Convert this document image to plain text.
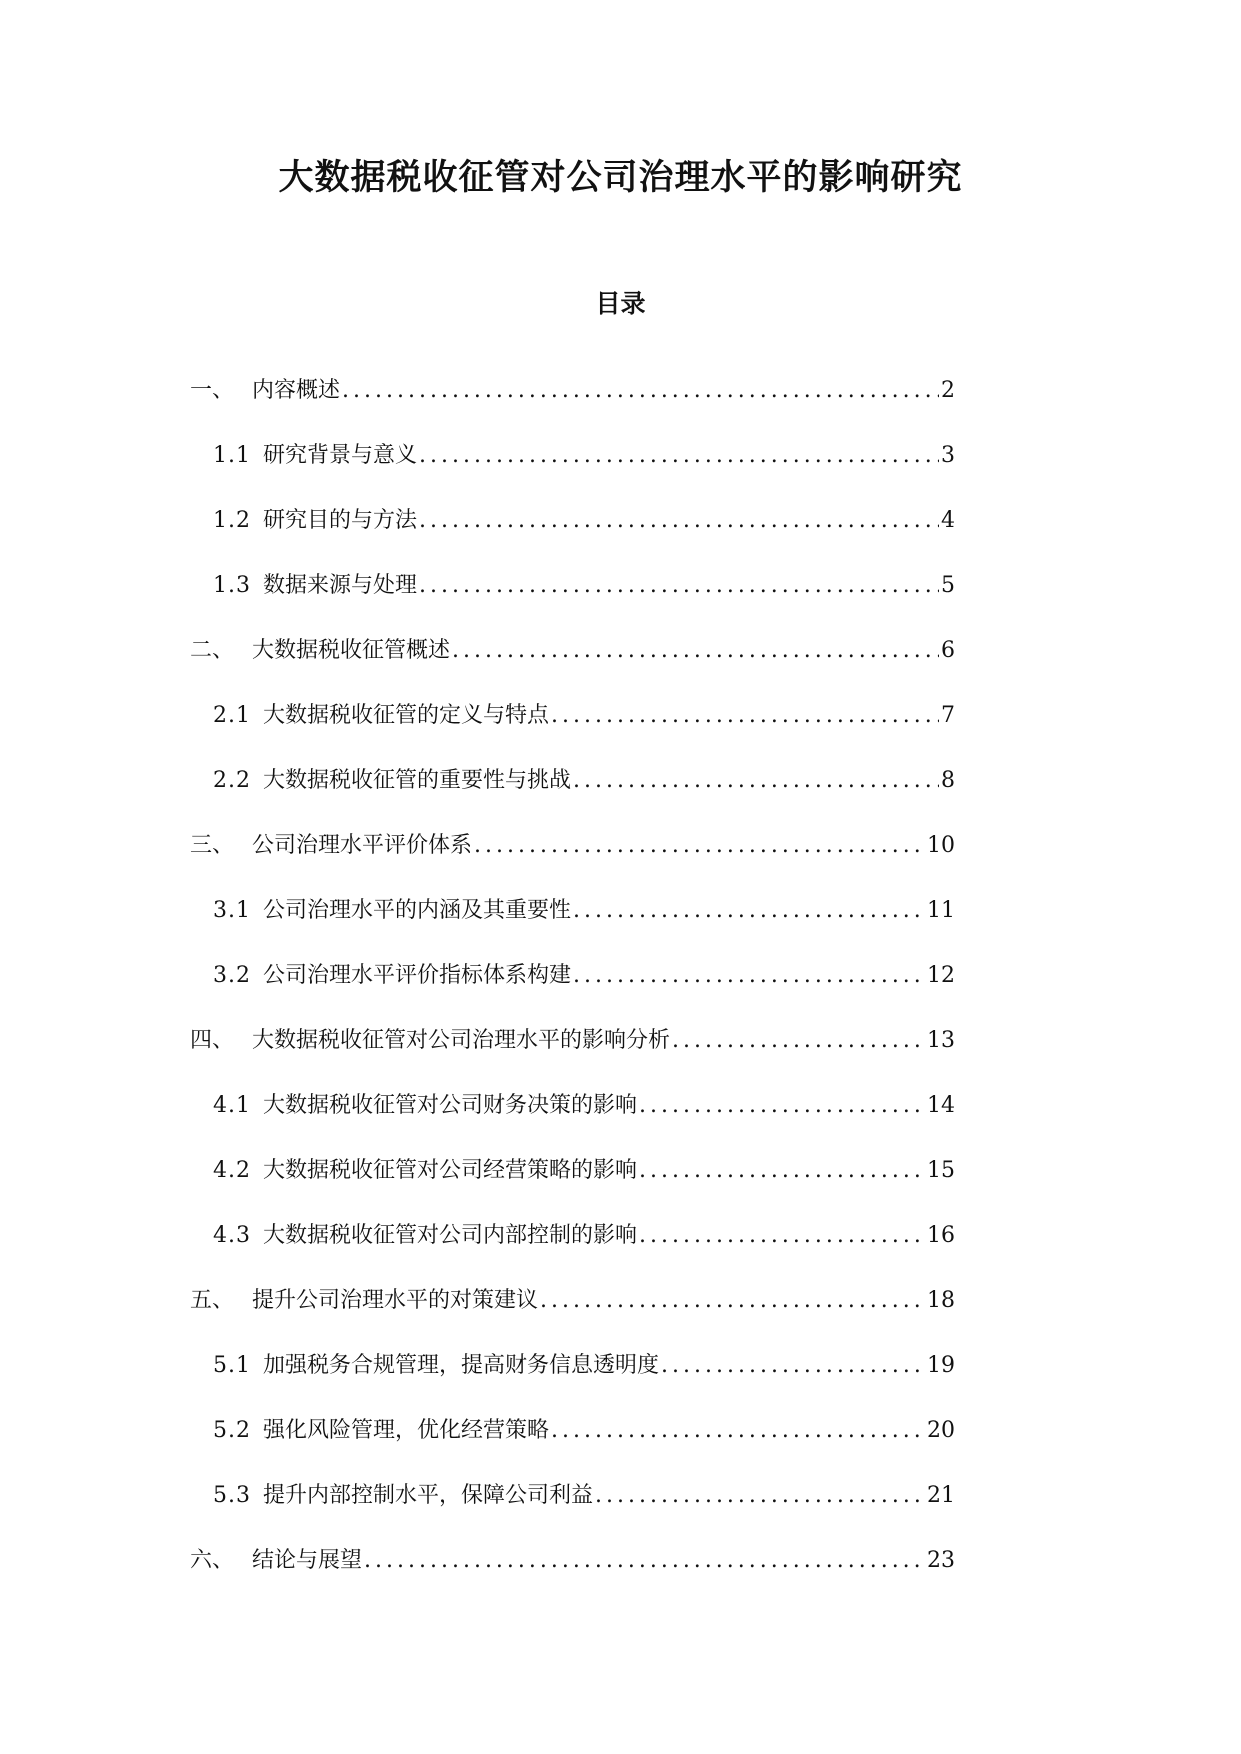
大数据税收征管对公司治理水平的影响研究
目录
一、 内容概述 .....	2
1.1 研究背景与意义 .....	3
1.2 研究目的与方法 .....	4
1.3 数据来源与处理 .....	5
二、 大数据税收征管概述 .....	6
2.1 大数据税收征管的定义与特点 .....	7
2.2 大数据税收征管的重要性与挑战 .....	8
三、 公司治理水平评价体系 .....	10
3.1 公司治理水平的内涵及其重要性 .....	11
3.2 公司治理水平评价指标体系构建 .....	12
四、 大数据税收征管对公司治理水平的影响分析 .....	13
4.1 大数据税收征管对公司财务决策的影响 .....	14
4.2 大数据税收征管对公司经营策略的影响 .....	15
4.3 大数据税收征管对公司内部控制的影响 .....	16
五、 提升公司治理水平的对策建议 .....	18
5.1 加强税务合规管理，提高财务信息透明度 .....	19
5.2 强化风险管理，优化经营策略 .....	20
5.3 提升内部控制水平，保障公司利益 .....	21
六、 结论与展望 .....	23
